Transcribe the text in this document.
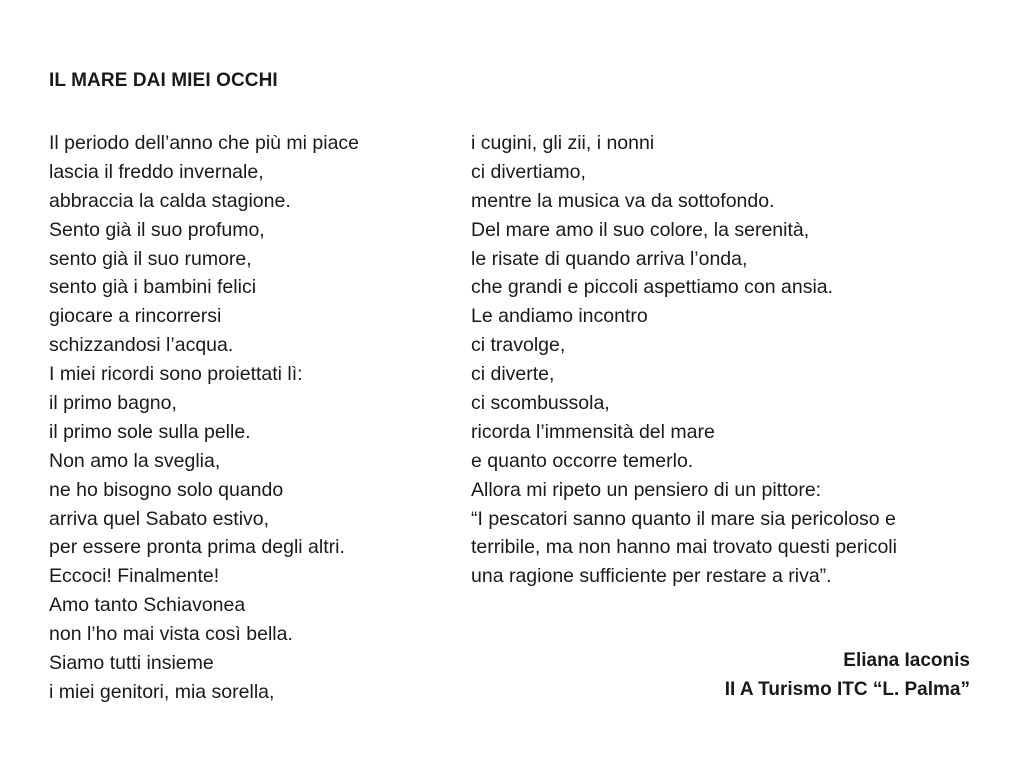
IL MARE DAI MIEI OCCHI
Il periodo dell’anno che più mi piace
lascia il freddo invernale,
abbraccia la calda stagione.
Sento già il suo profumo,
sento già il suo rumore,
sento già i bambini felici
giocare a rincorrersi
schizzandosi l’acqua.
I miei ricordi sono proiettati lì:
il primo bagno,
il primo sole sulla pelle.
Non amo la sveglia,
ne ho bisogno solo quando
arriva quel Sabato estivo,
per essere pronta prima degli altri.
Eccoci! Finalmente!
Amo tanto Schiavonea
non l’ho mai vista così bella.
Siamo tutti insieme
i miei genitori, mia sorella,
i cugini, gli zii, i nonni
ci divertiamo,
mentre la musica va da sottofondo.
Del mare amo il suo colore, la serenità,
le risate di quando arriva l’onda,
che grandi e piccoli aspettiamo con ansia.
Le andiamo incontro
ci travolge,
ci diverte,
ci scombussola,
ricorda l’immensità del mare
e quanto occorre temerlo.
Allora mi ripeto un pensiero di un pittore:
“I pescatori sanno quanto il mare sia pericoloso e
terribile, ma non hanno mai trovato questi pericoli
una ragione sufficiente per restare a riva”.
Eliana Iaconis
II A Turismo ITC “L. Palma”
